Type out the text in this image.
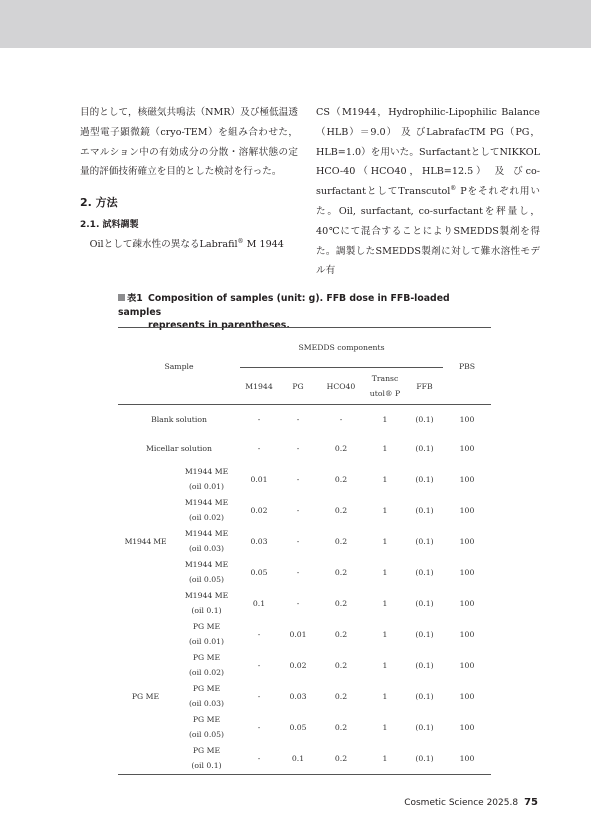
目的として，核磁気共鳴法（NMR）及び極低温透過型電子顕微鏡（cryo-TEM）を組み合わせた，エマルション中の有効成分の分散・溶解状態の定量的評価技術確立を目的とした検討を行った。

2. 方法
2.1. 試料調製

Oilとして疎水性の異なるLabrafil® M 1944

CS（M1944，Hydrophilic-Lipophilic Balance（HLB）＝9.0） 及 びLabrafacTM PG（PG，HLB=1.0）を用いた。SurfactantとしてNIKKOL HCO-40（HCO40，HLB=12.5） 及 びco-surfactantとしてTranscutol® Pをそれぞれ用いた。Oil, surfactant, co-surfactantを秤量し，40℃にて混合することによりSMEDDS製剤を得た。調製したSMEDDS製剤に対して難水溶性モデル有

表1 Composition of samples (unit: g). FFB dose in FFB-loaded samples
represents in parentheses.
Sample		SMEDDS components					PBS
		M1944	PG	HCO40	Transc
utol® P	FFB	
Blank solution		-	-	-	1	(0.1)	100
Micellar solution		-	-	0.2	1	(0.1)	100
M1944 ME	M1944 ME
(oil 0.01)	0.01	-	0.2	1	(0.1)	100
	M1944 ME
(oil 0.02)	0.02	-	0.2	1	(0.1)	100
	M1944 ME
(oil 0.03)	0.03	-	0.2	1	(0.1)	100
	M1944 ME
(oil 0.05)	0.05	-	0.2	1	(0.1)	100
	M1944 ME
(oil 0.1)	0.1	-	0.2	1	(0.1)	100
PG ME	PG ME
(oil 0.01)	-	0.01	0.2	1	(0.1)	100
	PG ME
(oil 0.02)	-	0.02	0.2	1	(0.1)	100
	PG ME
(oil 0.03)	-	0.03	0.2	1	(0.1)	100
	PG ME
(oil 0.05)	-	0.05	0.2	1	(0.1)	100
	PG ME
(oil 0.1)	-	0.1	0.2	1	(0.1)	100
Cosmetic Science 2025.8 75
